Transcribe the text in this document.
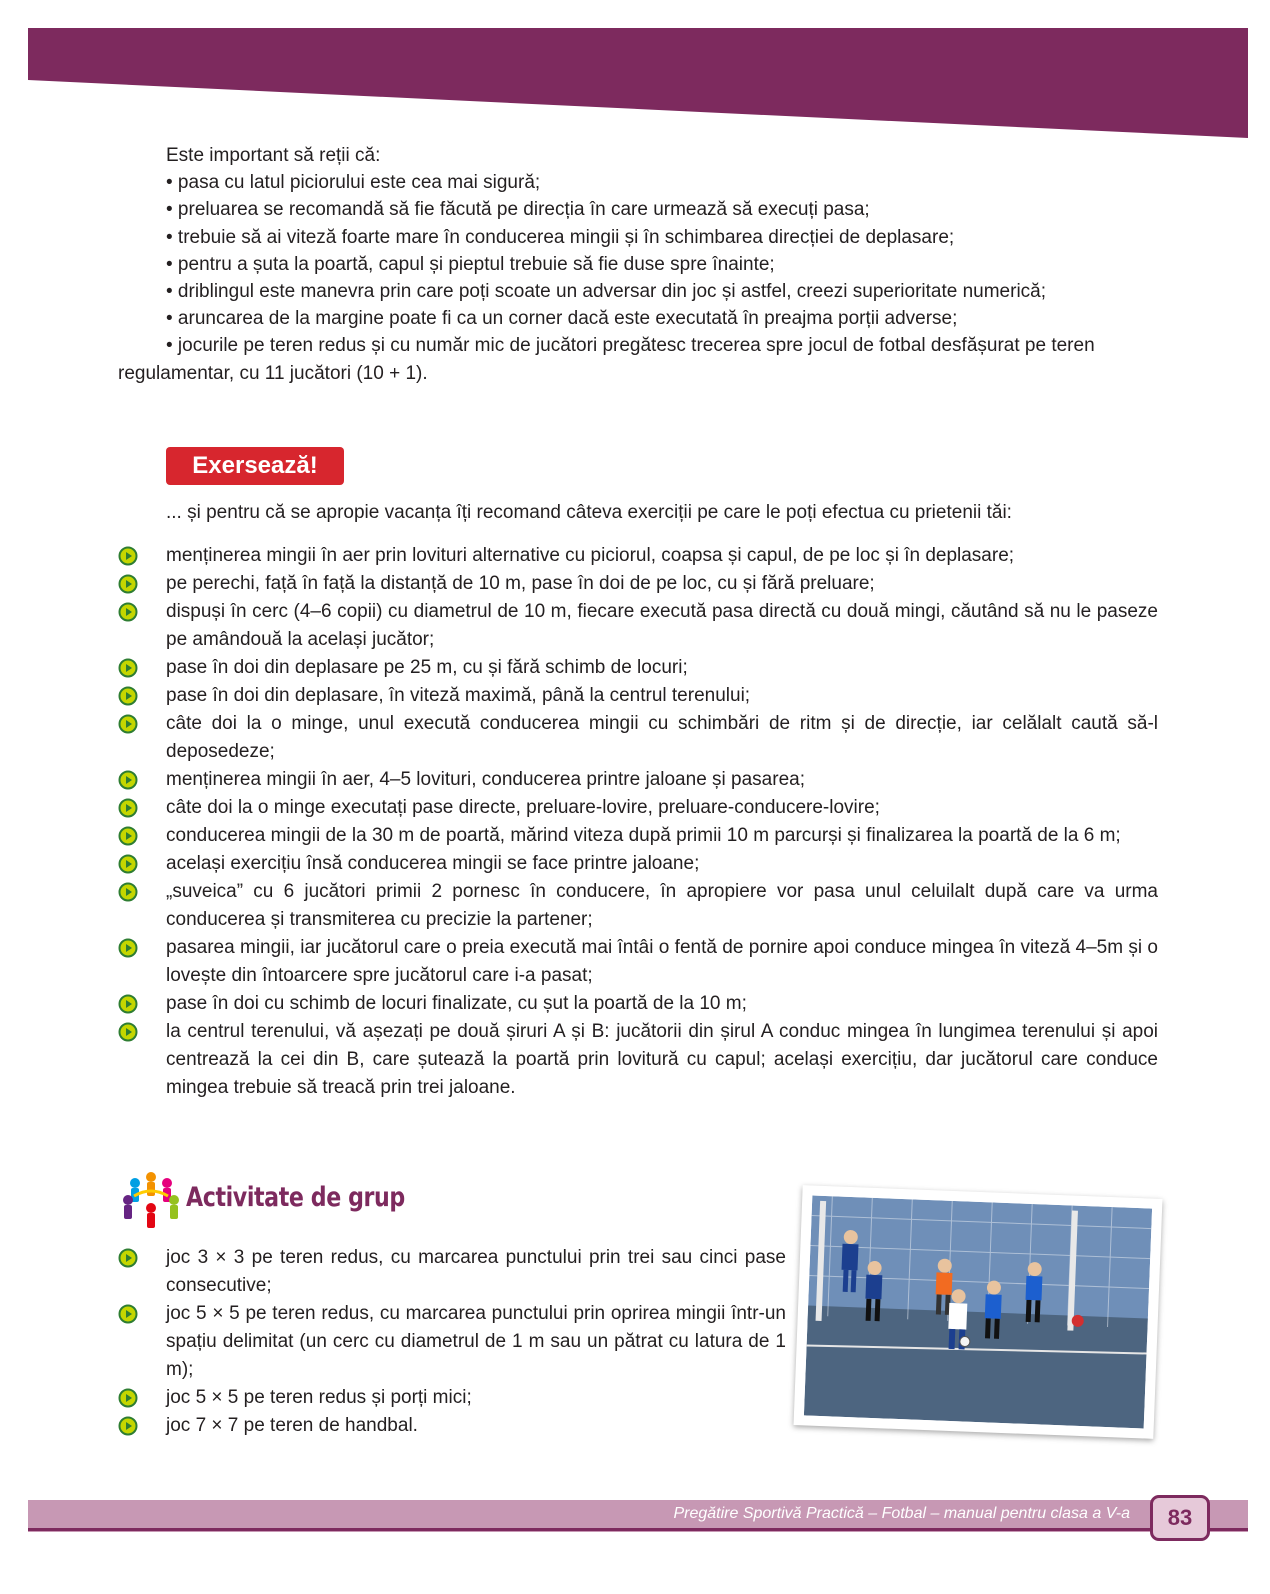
Este important să reții că:
• pasa cu latul piciorului este cea mai sigură;
• preluarea se recomandă să fie făcută pe direcția în care urmează să execuți pasa;
• trebuie să ai viteză foarte mare în conducerea mingii și în schimbarea direcției de deplasare;
• pentru a șuta la poartă, capul și pieptul trebuie să fie duse spre înainte;
• driblingul este manevra prin care poți scoate un adversar din joc și astfel, creezi superioritate numerică;
• aruncarea de la margine poate fi ca un corner dacă este executată în preajma porții adverse;
• jocurile pe teren redus și cu număr mic de jucători pregătesc trecerea spre jocul de fotbal desfășurat pe teren regulamentar, cu 11 jucători (10 + 1).
Exersează!
... și pentru că se apropie vacanța îți recomand câteva exerciții pe care le poți efectua cu prietenii tăi:
menținerea mingii în aer prin lovituri alternative cu piciorul, coapsa și capul, de pe loc și în deplasare;
pe perechi, față în față la distanță de 10 m, pase în doi de pe loc, cu și fără preluare;
dispuși în cerc (4–6 copii) cu diametrul de 10 m, fiecare execută pasa directă cu două mingi, căutând să nu le paseze pe amândouă la același jucător;
pase în doi din deplasare pe 25 m, cu și fără schimb de locuri;
pase în doi din deplasare, în viteză maximă, până la centrul terenului;
câte doi la o minge, unul execută conducerea mingii cu schimbări de ritm și de direcție, iar celălalt caută să-l deposedeze;
menținerea mingii în aer, 4–5 lovituri, conducerea printre jaloane și pasarea;
câte doi la o minge executați pase directe, preluare-lovire, preluare-conducere-lovire;
conducerea mingii de la 30 m de poartă, mărind viteza după primii 10 m parcurși și finalizarea la poartă de la 6 m;
același exercițiu însă conducerea mingii se face printre jaloane;
„suveica” cu 6 jucători primii 2 pornesc în conducere, în apropiere vor pasa unul celuilalt după care va urma conducerea și transmiterea cu precizie la partener;
pasarea mingii, iar jucătorul care o preia execută mai întâi o fentă de pornire apoi conduce mingea în viteză 4–5m și o lovește din întoarcere spre jucătorul care i-a pasat;
pase în doi cu schimb de locuri finalizate, cu șut la poartă de la 10 m;
la centrul terenului, vă așezați pe două șiruri A și B: jucătorii din șirul A conduc mingea în lungimea terenului și apoi centrează la cei din B, care șutează la poartă prin lovitură cu capul; același exercițiu, dar jucătorul care conduce mingea trebuie să treacă prin trei jaloane.
Activitate de grup
joc 3 × 3 pe teren redus, cu marcarea punctului prin trei sau cinci pase consecutive;
joc 5 × 5 pe teren redus, cu marcarea punctului prin oprirea mingii într-un spațiu delimitat (un cerc cu diametrul de 1 m sau un pătrat cu latura de 1 m);
joc 5 × 5 pe teren redus și porți mici;
joc 7 × 7 pe teren de handbal.
Pregătire Sportivă Practică – Fotbal – manual pentru clasa a V-a	83
